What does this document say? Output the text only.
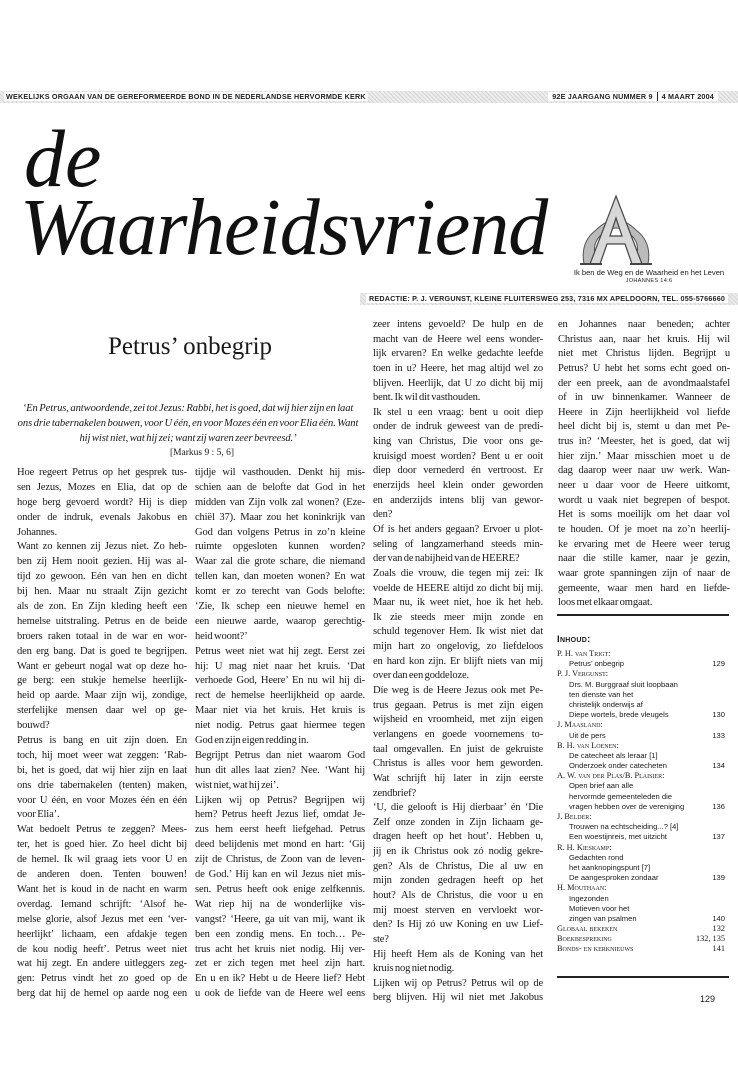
WEKELIJKS ORGAAN VAN DE GEREFORMEERDE BOND IN DE NEDERLANDSE HERVORMDE KERK	92E JAARGANG NUMMER 9	4 MAART 2004
de
Waarheidsvriend
Ik ben de Weg en de Waarheid en het Leven
JOHANNES 14:6
REDACTIE: P. J. VERGUNST, KLEINE FLUITERSWEG 253, 7316 MX APELDOORN, TEL. 055-5766660
Petrus’ onbegrip
‘En Petrus, antwoordende, zei tot Jezus: Rabbi, het is goed, dat wij hier zijn en laat
ons drie tabernakelen bouwen, voor U één, en voor Mozes één en voor Elia één. Want
hij wist niet, wat hij zei; want zij waren zeer bevreesd.’
[Markus 9 : 5, 6]
Hoe regeert Petrus op het gesprek tus-
sen Jezus, Mozes en Elia, dat op de
hoge berg gevoerd wordt? Hij is diep
onder de indruk, evenals Jakobus en
Johannes.
Want zo kennen zij Jezus niet. Zo heb-
ben zij Hem nooit gezien. Hij was al-
tijd zo gewoon. Eén van hen en dicht
bij hen. Maar nu straalt Zijn gezicht
als de zon. En Zijn kleding heeft een
hemelse uitstraling. Petrus en de beide
broers raken totaal in de war en wor-
den erg bang. Dat is goed te begrijpen.
Want er gebeurt nogal wat op deze ho-
ge berg: een stukje hemelse heerlijk-
heid op aarde. Maar zijn wij, zondige,
sterfelijke mensen daar wel op ge-
bouwd?
Petrus is bang en uit zijn doen. En
toch, hij moet weer wat zeggen: ‘Rab-
bi, het is goed, dat wij hier zijn en laat
ons drie tabernakelen (tenten) maken,
voor U één, en voor Mozes één en één
voor Elia’.
Wat bedoelt Petrus te zeggen? Mees-
ter, het is goed hier. Zo heel dicht bij
de hemel. Ik wil graag iets voor U en
de anderen doen. Tenten bouwen!
Want het is koud in de nacht en warm
overdag. Iemand schrijft: ‘Alsof he-
melse glorie, alsof Jezus met een ‘ver-
heerlijkt’ lichaam, een afdakje tegen
de kou nodig heeft’. Petrus weet niet
wat hij zegt. En andere uitleggers zeg-
gen: Petrus vindt het zo goed op de
berg dat hij de hemel op aarde nog een
tijdje wil vasthouden. Denkt hij mis-
schien aan de belofte dat God in het
midden van Zijn volk zal wonen? (Eze-
chiël 37). Maar zou het koninkrijk van
God dan volgens Petrus in zo’n kleine
ruimte opgesloten kunnen worden?
Waar zal die grote schare, die niemand
tellen kan, dan moeten wonen? En wat
komt er zo terecht van Gods belofte:
‘Zie, Ik schep een nieuwe hemel en
een nieuwe aarde, waarop gerechtig-
heid woont?’
Petrus weet niet wat hij zegt. Eerst zei
hij: U mag niet naar het kruis. ‘Dat
verhoede God, Heere’ En nu wil hij di-
rect de hemelse heerlijkheid op aarde.
Maar niet via het kruis. Het kruis is
niet nodig. Petrus gaat hiermee tegen
God en zijn eigen redding in.
Begrijpt Petrus dan niet waarom God
hun dit alles laat zien? Nee. ‘Want hij
wist niet, wat hij zei’.
Lijken wij op Petrus? Begrijpen wij
hem? Petrus heeft Jezus lief, omdat Je-
zus hem eerst heeft liefgehad. Petrus
deed belijdenis met mond en hart: ‘Gij
zijt de Christus, de Zoon van de leven-
de God.’ Hij kan en wil Jezus niet mis-
sen. Petrus heeft ook enige zelfkennis.
Wat riep hij na de wonderlijke vis-
vangst? ‘Heere, ga uit van mij, want ik
ben een zondig mens. En toch… Pe-
trus acht het kruis niet nodig. Hij ver-
zet er zich tegen met heel zijn hart.
En u en ik? Hebt u de Heere lief? Hebt
u ook de liefde van de Heere wel eens
zeer intens gevoeld? De hulp en de
macht van de Heere wel eens wonder-
lijk ervaren? En welke gedachte leefde
toen in u? Heere, het mag altijd wel zo
blijven. Heerlijk, dat U zo dicht bij mij
bent. Ik wil dit vasthouden.
Ik stel u een vraag: bent u ooit diep
onder de indruk geweest van de predi-
king van Christus, Die voor ons ge-
kruisigd moest worden? Bent u er ooit
diep door vernederd én vertroost. Er
enerzijds heel klein onder geworden
en anderzijds intens blij van gewor-
den?
Of is het anders gegaan? Ervoer u plot-
seling of langzamerhand steeds min-
der van de nabijheid van de HEERE?
Zoals die vrouw, die tegen mij zei: Ik
voelde de HEERE altijd zo dicht bij mij.
Maar nu, ik weet niet, hoe ik het heb.
Ik zie steeds meer mijn zonde en
schuld tegenover Hem. Ik wist niet dat
mijn hart zo ongelovig, zo liefdeloos
en hard kon zijn. Er blijft niets van mij
over dan een goddeloze.
Díe weg is de Heere Jezus ook met Pe-
trus gegaan. Petrus is met zijn eigen
wijsheid en vroomheid, met zijn eigen
verlangens en goede voornemens to-
taal omgevallen. En juist de gekruiste
Christus is alles voor hem geworden.
Wat schrijft hij later in zijn eerste
zendbrief?
‘U, die gelooft is Hij dierbaar’ én ‘Die
Zelf onze zonden in Zijn lichaam ge-
dragen heeft op het hout’. Hebben u,
jij en ik Christus ook zó nodig gekre-
gen? Als de Christus, Die al uw en
mijn zonden gedragen heeft op het
hout? Als de Christus, die voor u en
mij moest sterven en vervloekt wor-
den? Is Hij zó uw Koning en uw Lief-
ste?
Hij heeft Hem als de Koning van het
kruis nog niet nodig.
Lijken wij op Petrus? Petrus wil op de
berg blijven. Hij wil niet met Jakobus
en Johannes naar beneden; achter
Christus aan, naar het kruis. Hij wil
niet met Christus lijden. Begrijpt u
Petrus? U hebt het soms echt goed on-
der een preek, aan de avondmaalstafel
of in uw binnenkamer. Wanneer de
Heere in Zijn heerlijkheid vol liefde
heel dicht bij is, stemt u dan met Pe-
trus in? ‘Meester, het is goed, dat wij
hier zijn.’ Maar misschien moet u de
dag daarop weer naar uw werk. Wan-
neer u daar voor de Heere uitkomt,
wordt u vaak niet begrepen of bespot.
Het is soms moeilijk om het daar vol
te houden. Of je moet na zo’n heerlij-
ke ervaring met de Heere weer terug
naar die stille kamer, naar je gezin,
waar grote spanningen zijn of naar de
gemeente, waar men hard en liefde-
loos met elkaar omgaat.
Inhoud:
P. H. van Trigt:
Petrus’ onbegrip	129
P. J. Vergunst:
Drs. M. Burggraaf sluit loopbaan
ten dienste van het
christelijk onderwijs af
Diepe wortels, brede vleugels	130
J. Maasland:
Uit de pers	133
B. H. van Loenen:
De catecheet als leraar [1]
Onderzoek onder catecheten	134
A. W. van der Plas/B. Plaisier:
Open brief aan alle
hervormde gemeenteleden die
vragen hebben over de vereniging	136
J. Belder:
Trouwen na echtscheiding...? [4]
Een woestijnreis, met uitzicht	137
R. H. Kieskamp:
Gedachten rond
het aanknopingspunt [7]
De aangesproken zondaar	139
H. Mouthaan:
Ingezonden
Motieven voor het
zingen van psalmen	140
Globaal bekeken	132
Boekbespreking	132, 135
Bonds- en kerknieuws	141
129
